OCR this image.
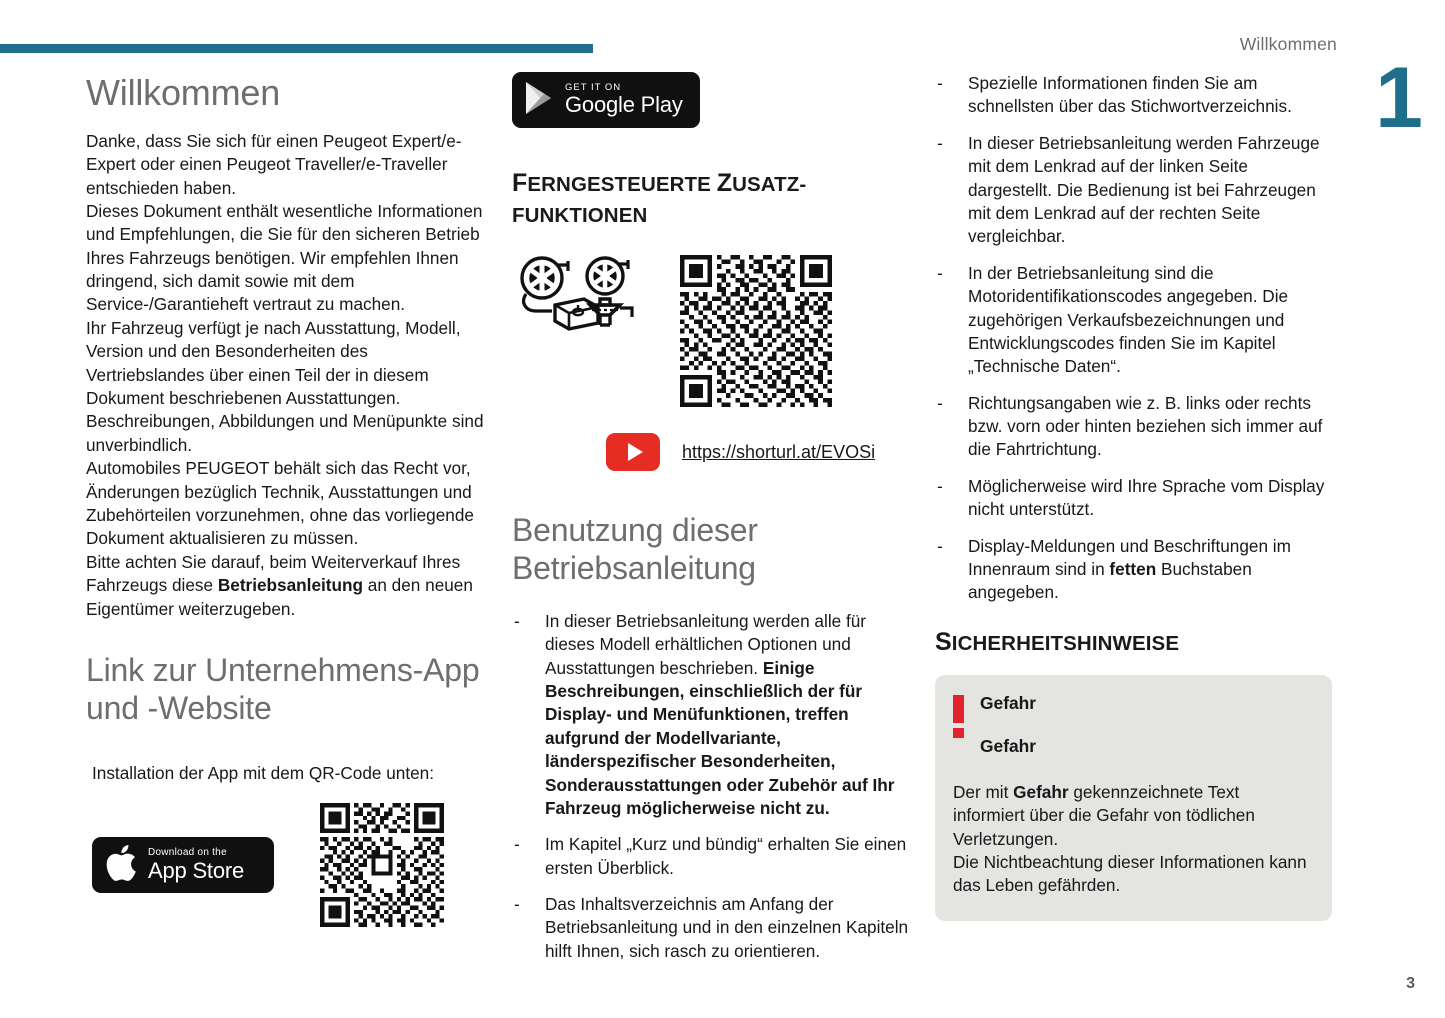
Willkommen
1
Willkommen

Danke, dass Sie sich für einen Peugeot Expert/e-Expert oder einen Peugeot Traveller/e-Traveller entschieden haben.

Dieses Dokument enthält wesentliche Informationen und Empfehlungen, die Sie für den sicheren Betrieb Ihres Fahrzeugs benötigen. Wir empfehlen Ihnen dringend, sich damit sowie mit dem Service-/Garantieheft vertraut zu machen.

Ihr Fahrzeug verfügt je nach Ausstattung, Modell, Version und den Besonderheiten des Vertriebslandes über einen Teil der in diesem Dokument beschriebenen Ausstattungen. Beschreibungen, Abbildungen und Menüpunkte sind unverbindlich.

Automobiles PEUGEOT behält sich das Recht vor, Änderungen bezüglich Technik, Ausstattungen und Zubehörteilen vorzunehmen, ohne das vorliegende Dokument aktualisieren zu müssen.

Bitte achten Sie darauf, beim Weiterverkauf Ihres Fahrzeugs diese Betriebsanleitung an den neuen Eigentümer weiterzugeben.

Link zur Unternehmens-App und -Website

Installation der App mit dem QR-Code unten:

Download on the
App Store
GET IT ON
Google Play
FERNGESTEUERTE ZUSATZ-
FUNKTIONEN
https://shorturl.at/EVOSi
Benutzung dieser Betriebsanleitung
- In dieser Betriebsanleitung werden alle für dieses Modell erhältlichen Optionen und Ausstattungen beschrieben. Einige Beschreibungen, einschließlich der für Display- und Menüfunktionen, treffen aufgrund der Modellvariante, länderspezifischer Besonderheiten, Sonderausstattungen oder Zubehör auf Ihr Fahrzeug möglicherweise nicht zu.
- Im Kapitel „Kurz und bündig“ erhalten Sie einen ersten Überblick.
- Das Inhaltsverzeichnis am Anfang der Betriebsanleitung und in den einzelnen Kapiteln hilft Ihnen, sich rasch zu orientieren.
- Spezielle Informationen finden Sie am schnellsten über das Stichwortverzeichnis.
- In dieser Betriebsanleitung werden Fahrzeuge mit dem Lenkrad auf der linken Seite dargestellt. Die Bedienung ist bei Fahrzeugen mit dem Lenkrad auf der rechten Seite vergleichbar.
- In der Betriebsanleitung sind die Motoridentifikationscodes angegeben. Die zugehörigen Verkaufsbezeichnungen und Entwicklungscodes finden Sie im Kapitel „Technische Daten“.
- Richtungsangaben wie z. B. links oder rechts bzw. vorn oder hinten beziehen sich immer auf die Fahrtrichtung.
- Möglicherweise wird Ihre Sprache vom Display nicht unterstützt.
- Display-Meldungen und Beschriftungen im Innenraum sind in fetten Buchstaben angegeben.
SICHERHEITSHINWEISE
Gefahr
Gefahr
Der mit Gefahr gekennzeichnete Text informiert über die Gefahr von tödlichen Verletzungen.
Die Nichtbeachtung dieser Informationen kann das Leben gefährden.
3
